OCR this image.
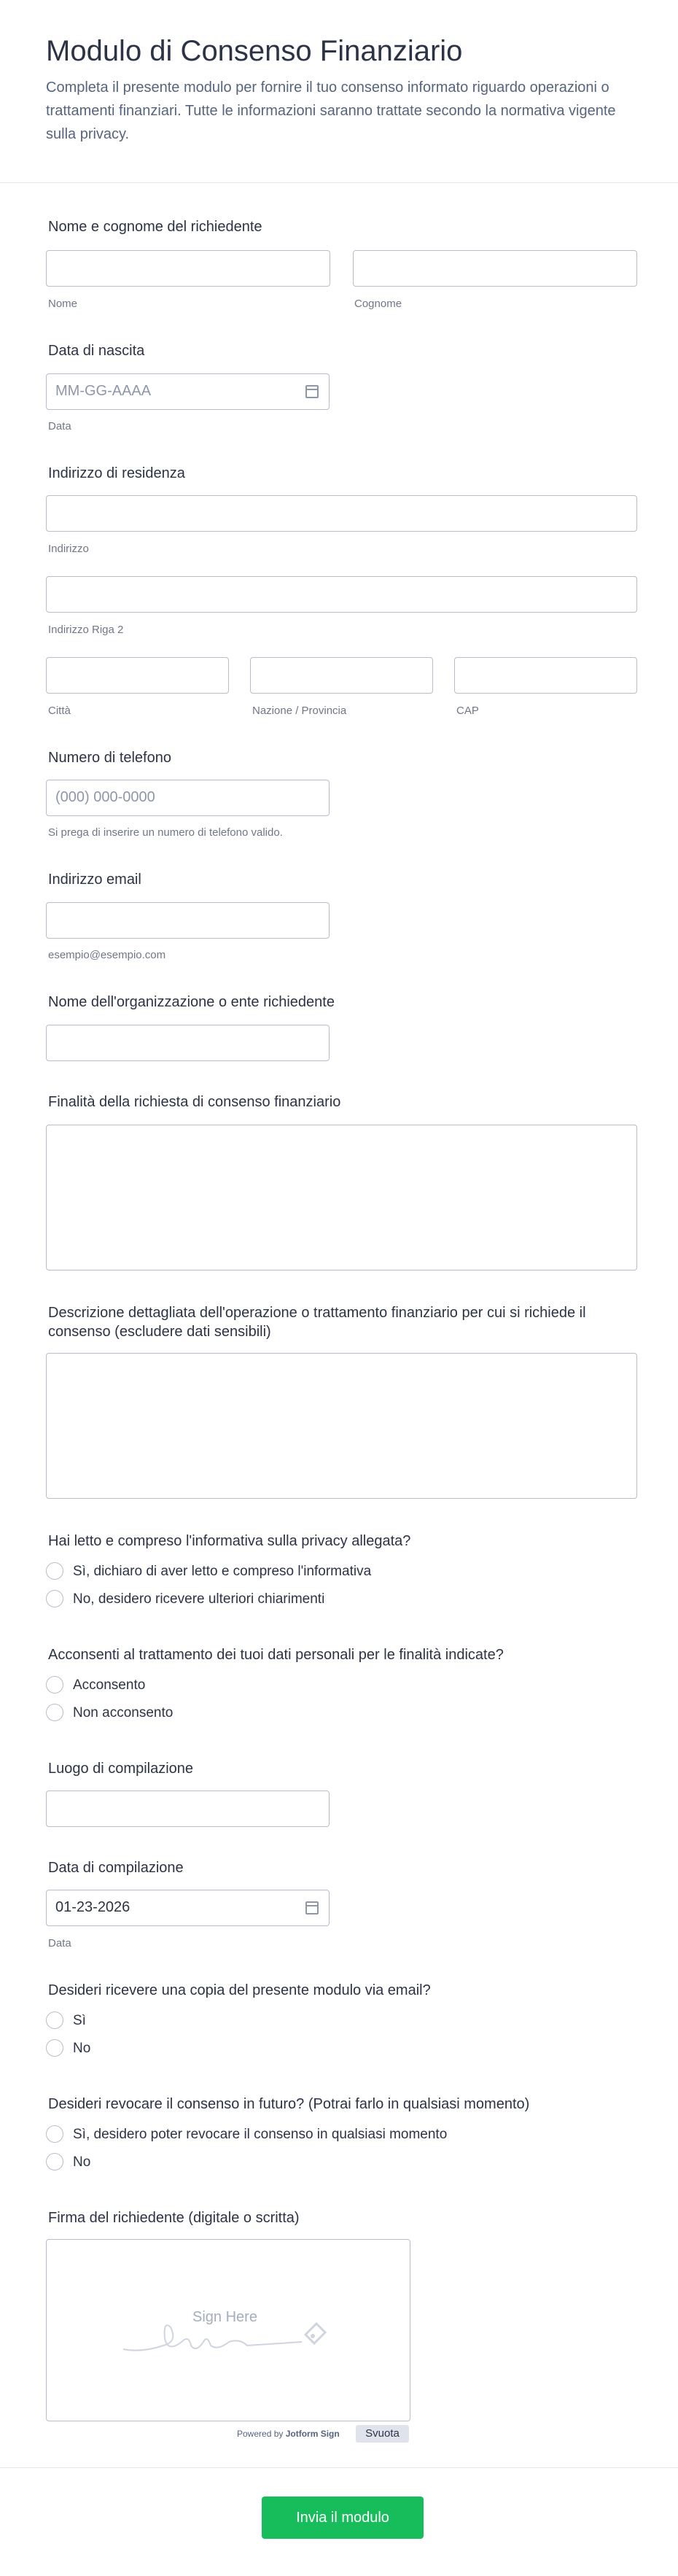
Modulo di Consenso Finanziario
Completa il presente modulo per fornire il tuo consenso informato riguardo operazioni o trattamenti finanziari. Tutte le informazioni saranno trattate secondo la normativa vigente sulla privacy.
Nome e cognome del richiedente
Nome	Cognome
Data di nascita
MM-GG-AAAA
Data
Indirizzo di residenza
Indirizzo
Indirizzo Riga 2
Città	Nazione / Provincia	CAP
Numero di telefono
(000) 000-0000
Si prega di inserire un numero di telefono valido.
Indirizzo email
esempio@esempio.com
Nome dell'organizzazione o ente richiedente
Finalità della richiesta di consenso finanziario
Descrizione dettagliata dell'operazione o trattamento finanziario per cui si richiede il consenso (escludere dati sensibili)
Hai letto e compreso l'informativa sulla privacy allegata?
Sì, dichiaro di aver letto e compreso l'informativa
No, desidero ricevere ulteriori chiarimenti
Acconsenti al trattamento dei tuoi dati personali per le finalità indicate?
Acconsento
Non acconsento
Luogo di compilazione
Data di compilazione
01-23-2026
Data
Desideri ricevere una copia del presente modulo via email?
Sì
No
Desideri revocare il consenso in futuro? (Potrai farlo in qualsiasi momento)
Sì, desidero poter revocare il consenso in qualsiasi momento
No
Firma del richiedente (digitale o scritta)
Sign Here
Powered by Jotform Sign	Svuota
Invia il modulo
